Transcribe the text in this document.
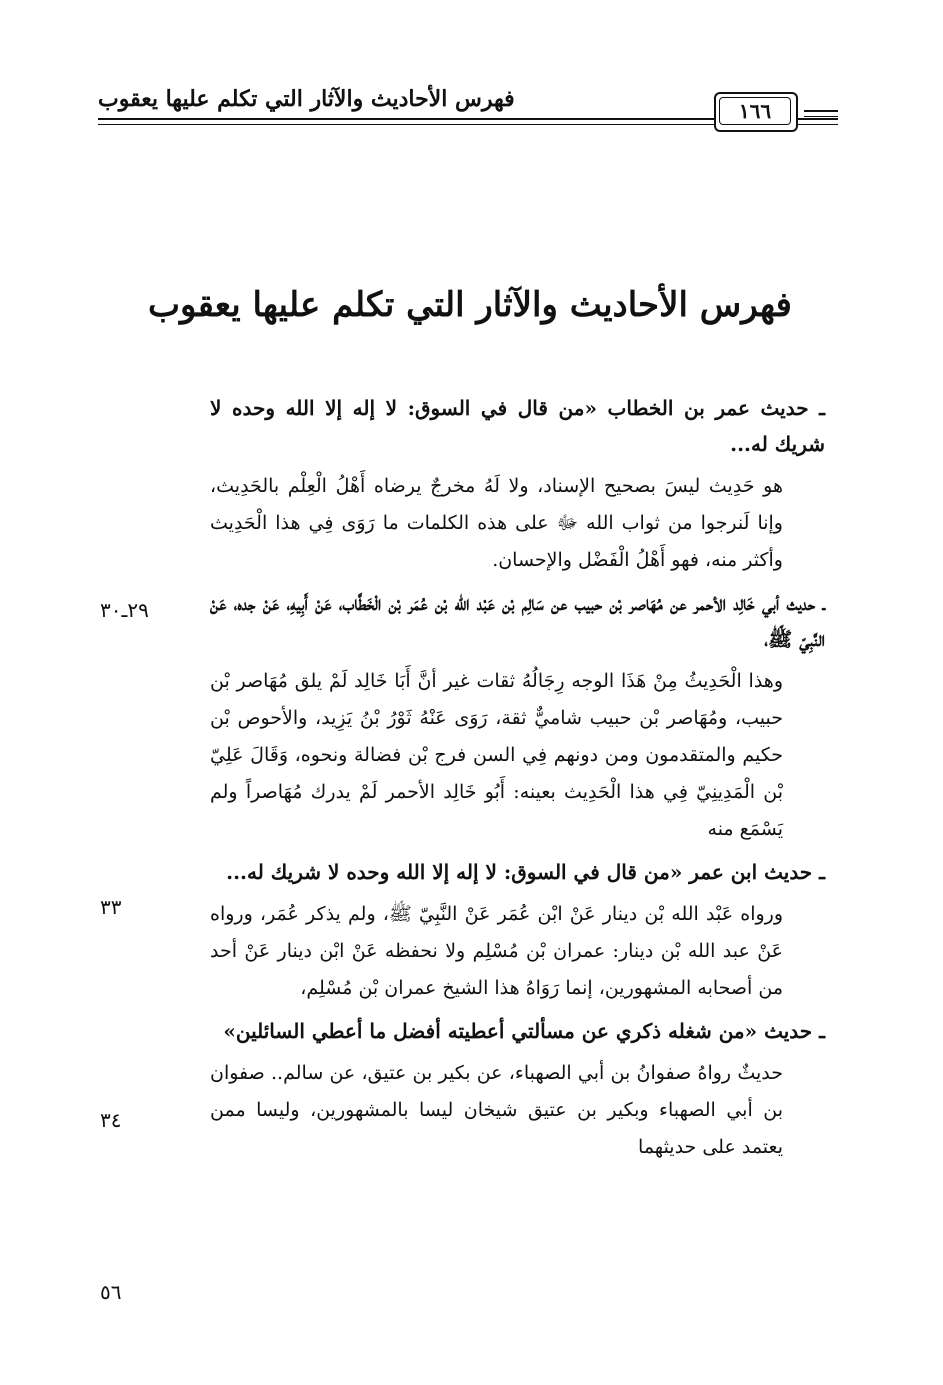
فهرس الأحاديث والآثار التي تكلم عليها يعقوب	١٦٦
فهرس الأحاديث والآثار التي تكلم عليها يعقوب

ـ حديث عمر بن الخطاب «من قال في السوق: لا إله إلا الله وحده لا شريك له...

هو حَدِيث ليسَ بصحيح الإسناد، ولا لَهُ مخرجٌ يرضاه أَهْلُ الْعِلْم بالحَدِيث، وإنا لَنرجوا من ثواب الله ﷻ على هذه الكلمات ما رَوَى فِي هذا الْحَدِيث وأكثر منه، فهو أَهْلُ الْفَضْل والإحسان.

ـ حديث أبي خَالِد الأحمر عن مُهَاصر بْن حبيب عن سَالِم بْن عَبْد الله بْن عُمَر بْن الْخَطَّاب، عَنْ أَبِيهِ، عَنْ جده، عَنْ النَّبِيّ ﷺ،

وهذا الْحَدِيثُ مِنْ هَذَا الوجه رِجَالُهُ ثقات غير أنَّ أَبَا خَالِد لَمْ يلق مُهَاصر بْن حبيب، ومُهَاصر بْن حبيب شاميٌّ ثقة، رَوَى عَنْهُ ثَوْرُ بْنُ يَزِيد، والأحوص بْن حكيم والمتقدمون ومن دونهم فِي السن فرج بْن فضالة ونحوه، وَقَالَ عَلِيّ بْن الْمَدِينِيّ فِي هذا الْحَدِيث بعينه: أَبُو خَالِد الأحمر لَمْ يدرك مُهَاصراً ولم يَسْمَع منه

ـ حديث ابن عمر «من قال في السوق: لا إله إلا الله وحده لا شريك له...

ورواه عَبْد الله بْن دينار عَنْ ابْن عُمَر عَنْ النَّبِيّ ﷺ، ولم يذكر عُمَر، ورواه عَنْ عبد الله بْن دينار: عمران بْن مُسْلِم ولا نحفظه عَنْ ابْن دينار عَنْ أحد من أصحابه المشهورين، إنما رَوَاهُ هذا الشيخ عمران بْن مُسْلِم،

ـ حديث «من شغله ذكري عن مسألتي أعطيته أفضل ما أعطي السائلين»

حديثٌ رواهُ صفوانُ بن أبي الصهباء، عن بكير بن عتيق، عن سالم.. صفوان بن أبي الصهباء وبكير بن عتيق شيخان ليسا بالمشهورين، وليسا ممن يعتمد على حديثهما

٢٩ـ٣٠
٣٣
٣٤
٥٦
